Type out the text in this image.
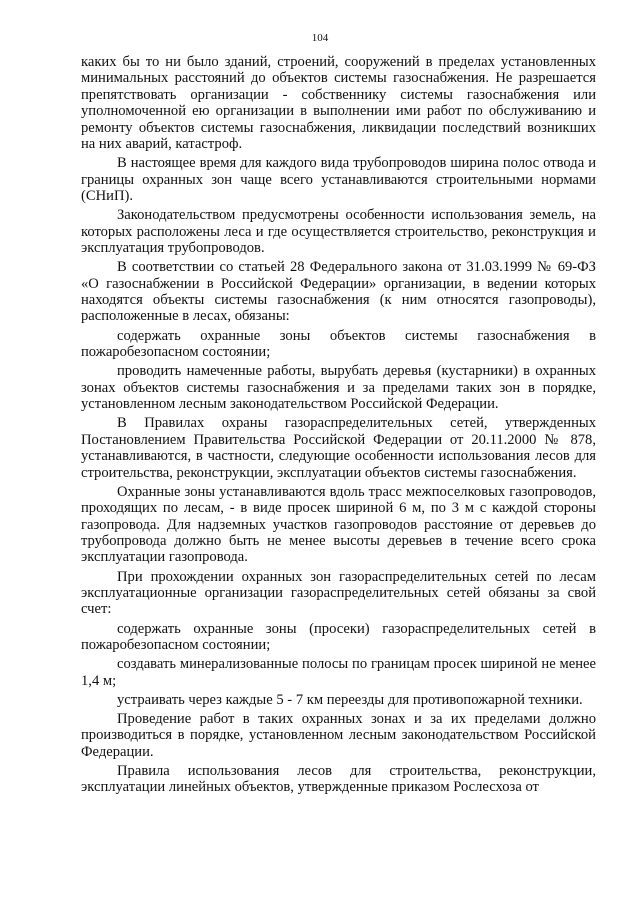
104

каких бы то ни было зданий, строений, сооружений в пределах установленных минимальных расстояний до объектов системы газоснабжения. Не разрешается препятствовать организации - собственнику системы газоснабжения или уполномоченной ею организации в выполнении ими работ по обслуживанию и ремонту объектов системы газоснабжения, ликвидации последствий возникших на них аварий, катастроф.

В настоящее время для каждого вида трубопроводов ширина полос отвода и границы охранных зон чаще всего устанавливаются строительными нормами (СНиП).

Законодательством предусмотрены особенности использования земель, на которых расположены леса и где осуществляется строительство, реконструкция и эксплуатация трубопроводов.

В соответствии со статьей 28 Федерального закона от 31.03.1999 № 69-ФЗ «О газоснабжении в Российской Федерации» организации, в ведении которых находятся объекты системы газоснабжения (к ним относятся газопроводы), расположенные в лесах, обязаны:

содержать охранные зоны объектов системы газоснабжения в пожаробезопасном состоянии;

проводить намеченные работы, вырубать деревья (кустарники) в охранных зонах объектов системы газоснабжения и за пределами таких зон в порядке, установленном лесным законодательством Российской Федерации.

В Правилах охраны газораспределительных сетей, утвержденных Постановлением Правительства Российской Федерации от 20.11.2000 № 878, устанавливаются, в частности, следующие особенности использования лесов для строительства, реконструкции, эксплуатации объектов системы газоснабжения.

Охранные зоны устанавливаются вдоль трасс межпоселковых газопроводов, проходящих по лесам, - в виде просек шириной 6 м, по 3 м с каждой стороны газопровода. Для надземных участков газопроводов расстояние от деревьев до трубопровода должно быть не менее высоты деревьев в течение всего срока эксплуатации газопровода.

При прохождении охранных зон газораспределительных сетей по лесам эксплуатационные организации газораспределительных сетей обязаны за свой счет:

содержать охранные зоны (просеки) газораспределительных сетей в пожаробезопасном состоянии;

создавать минерализованные полосы по границам просек шириной не менее 1,4 м;

устраивать через каждые 5 - 7 км переезды для противопожарной техники.

Проведение работ в таких охранных зонах и за их пределами должно производиться в порядке, установленном лесным законодательством Российской Федерации.

Правила использования лесов для строительства, реконструкции, эксплуатации линейных объектов, утвержденные приказом Рослесхоза от
